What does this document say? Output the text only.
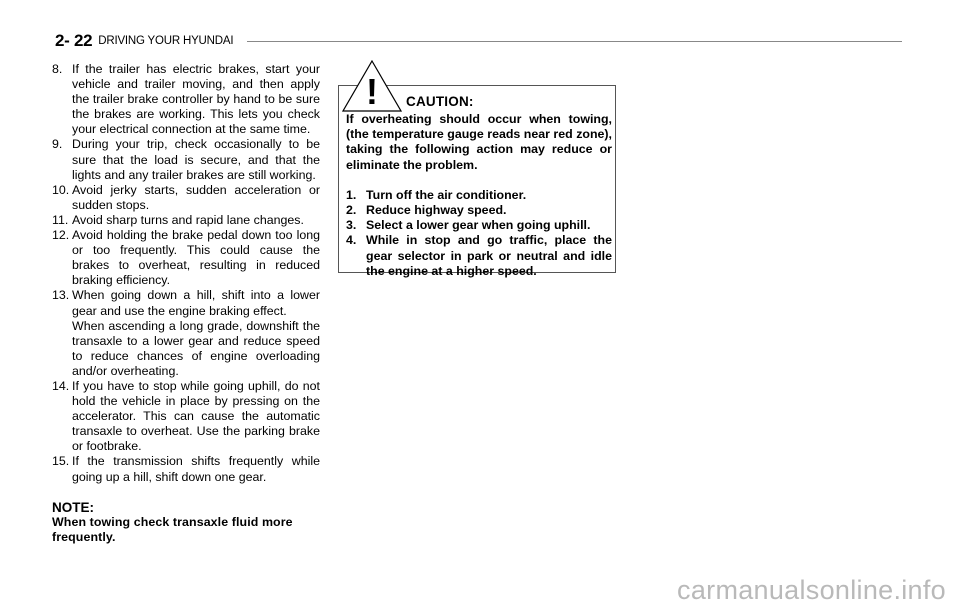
2- 22 DRIVING YOUR HYUNDAI
8. If the trailer has electric brakes, start your vehicle and trailer moving, and then apply the trailer brake controller by hand to be sure the brakes are working. This lets you check your electrical connection at the same time.

9. During your trip, check occasionally to be sure that the load is secure, and that the lights and any trailer brakes are still working.

10. Avoid jerky starts, sudden acceleration or sudden stops.

11. Avoid sharp turns and rapid lane changes.

12. Avoid holding the brake pedal down too long or too frequently. This could cause the brakes to overheat, resulting in reduced braking efficiency.

13. When going down a hill, shift into a lower gear and use the engine braking effect.

When ascending a long grade, downshift the transaxle to a lower gear and reduce speed to reduce chances of engine overloading and/or overheating.

14. If you have to stop while going uphill, do not hold the vehicle in place by pressing on the accelerator. This can cause the automatic transaxle to overheat. Use the parking brake or footbrake.

15. If the transmission shifts frequently while going up a hill, shift down one gear.

NOTE:
When towing check transaxle fluid more frequently.
! CAUTION:

If overheating should occur when towing, (the temperature gauge reads near red zone), taking the following action may reduce or eliminate the problem.

1. Turn off the air conditioner.
2. Reduce highway speed.
3. Select a lower gear when going uphill.
4. While in stop and go traffic, place the gear selector in park or neutral and idle the engine at a higher speed.
carmanualsonline.info
